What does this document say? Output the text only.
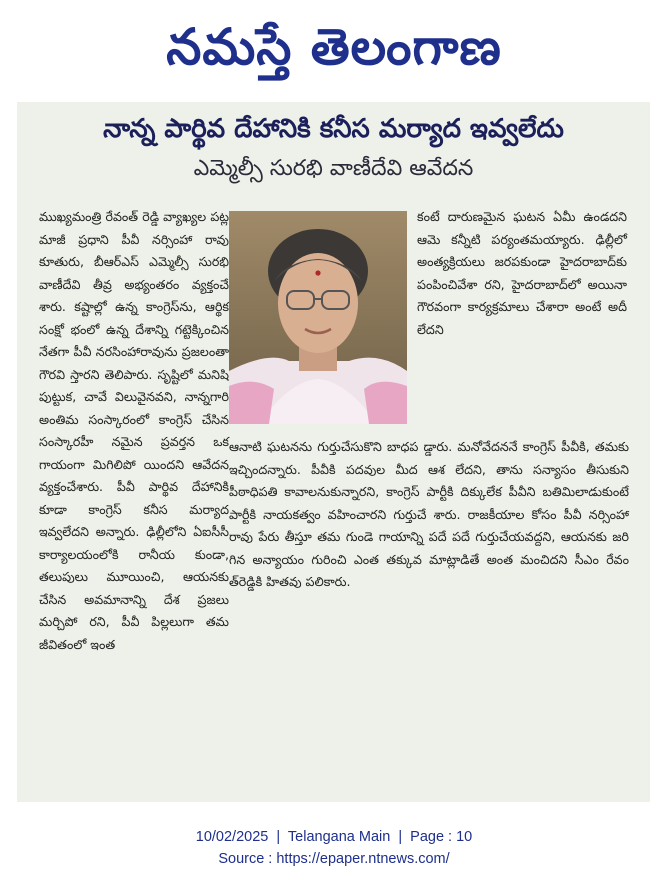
నమస్తే తెలంగాణ
నాన్న పార్థివ దేహానికి కనీస మర్యాద ఇవ్వలేదు
ఎమ్మెల్సీ సురభి వాణీదేవి ఆవేదన
ముఖ్యమంత్రి రేవంత్ రెడ్డి వ్యాఖ్యల పట్ల మాజీ ప్రధాని పీవీ నర్సింహా రావు కూతురు, బీఆర్ఎస్ ఎమ్మెల్సీ సురభి వాణీదేవి తీవ్ర అభ్యంతరం వ్యక్తంచే శారు. కష్టాల్లో ఉన్న కాంగ్రెస్‌ను, ఆర్థిక సంక్షో భంలో ఉన్న దేశాన్ని గట్టెక్కించిన నేతగా పీవీ నరసింహారావును ప్రజలంతా గౌరవి స్తారని తెలిపారు. సృష్టిలో మనిషి పుట్టుక, చావే విలువైనవని, నాన్నగారి అంతిమ సంస్కారంలో కాంగ్రెస్ చేసిన సంస్కారహీ నమైన ప్రవర్తన ఒక గాయంగా మిగిలిపో యిందని ఆవేదన వ్యక్తంచేశారు. పీవీ పార్థివ దేహానికి కూడా కాంగ్రెస్ కనీస మర్యాద ఇవ్వలేదని అన్నారు. ఢిల్లీలోని ఏఐసీసీ కార్యాలయంలోకి రానీయ కుండా, తలుపులు మూయించి, ఆయనకు చేసిన అవమానాన్ని దేశ ప్రజలు మర్చిపో రని, పీవీ పిల్లలుగా తమ జీవితంలో ఇంత
కంటే దారుణమైన ఘటన ఏమీ ఉండదని ఆమె కన్నీటి పర్యంతమయ్యారు. ఢిల్లీలో అంత్యక్రియలు జరపకుండా హైదరాబాద్‌కు పంపించివేశా రని, హైదరాబాద్‌లో అయినా గౌరవంగా కార్యక్రమాలు చేశారా అంటే అదీ లేదని
ఆనాటి ఘటనను గుర్తుచేసుకొని బాధప డ్డారు. మనోవేదననే కాంగ్రెస్ పీవీకి, తమకు ఇచ్చిందన్నారు. పీవీకి పదవుల మీద ఆశ లేదని, తాను సన్యాసం తీసుకుని పీఠాధిపతి కావాలనుకున్నారని, కాంగ్రెస్ పార్టీకి దిక్కులేక పీవీని బతిమిలాడుకుంటే పార్టీకి నాయకత్వం వహించారని గుర్తుచే శారు. రాజకీయాల కోసం పీవీ నర్సింహా రావు పేరు తీస్తూ తమ గుండె గాయాన్ని పదే పదే గుర్తుచేయవద్దని, ఆయనకు జరి గిన అన్యాయం గురించి ఎంత తక్కువ మాట్లాడితే అంత మంచిదని సీఎం రేవం త్‌రెడ్డికి హితవు పలికారు.
10/02/2025 | Telangana Main | Page : 10
Source : https://epaper.ntnews.com/
